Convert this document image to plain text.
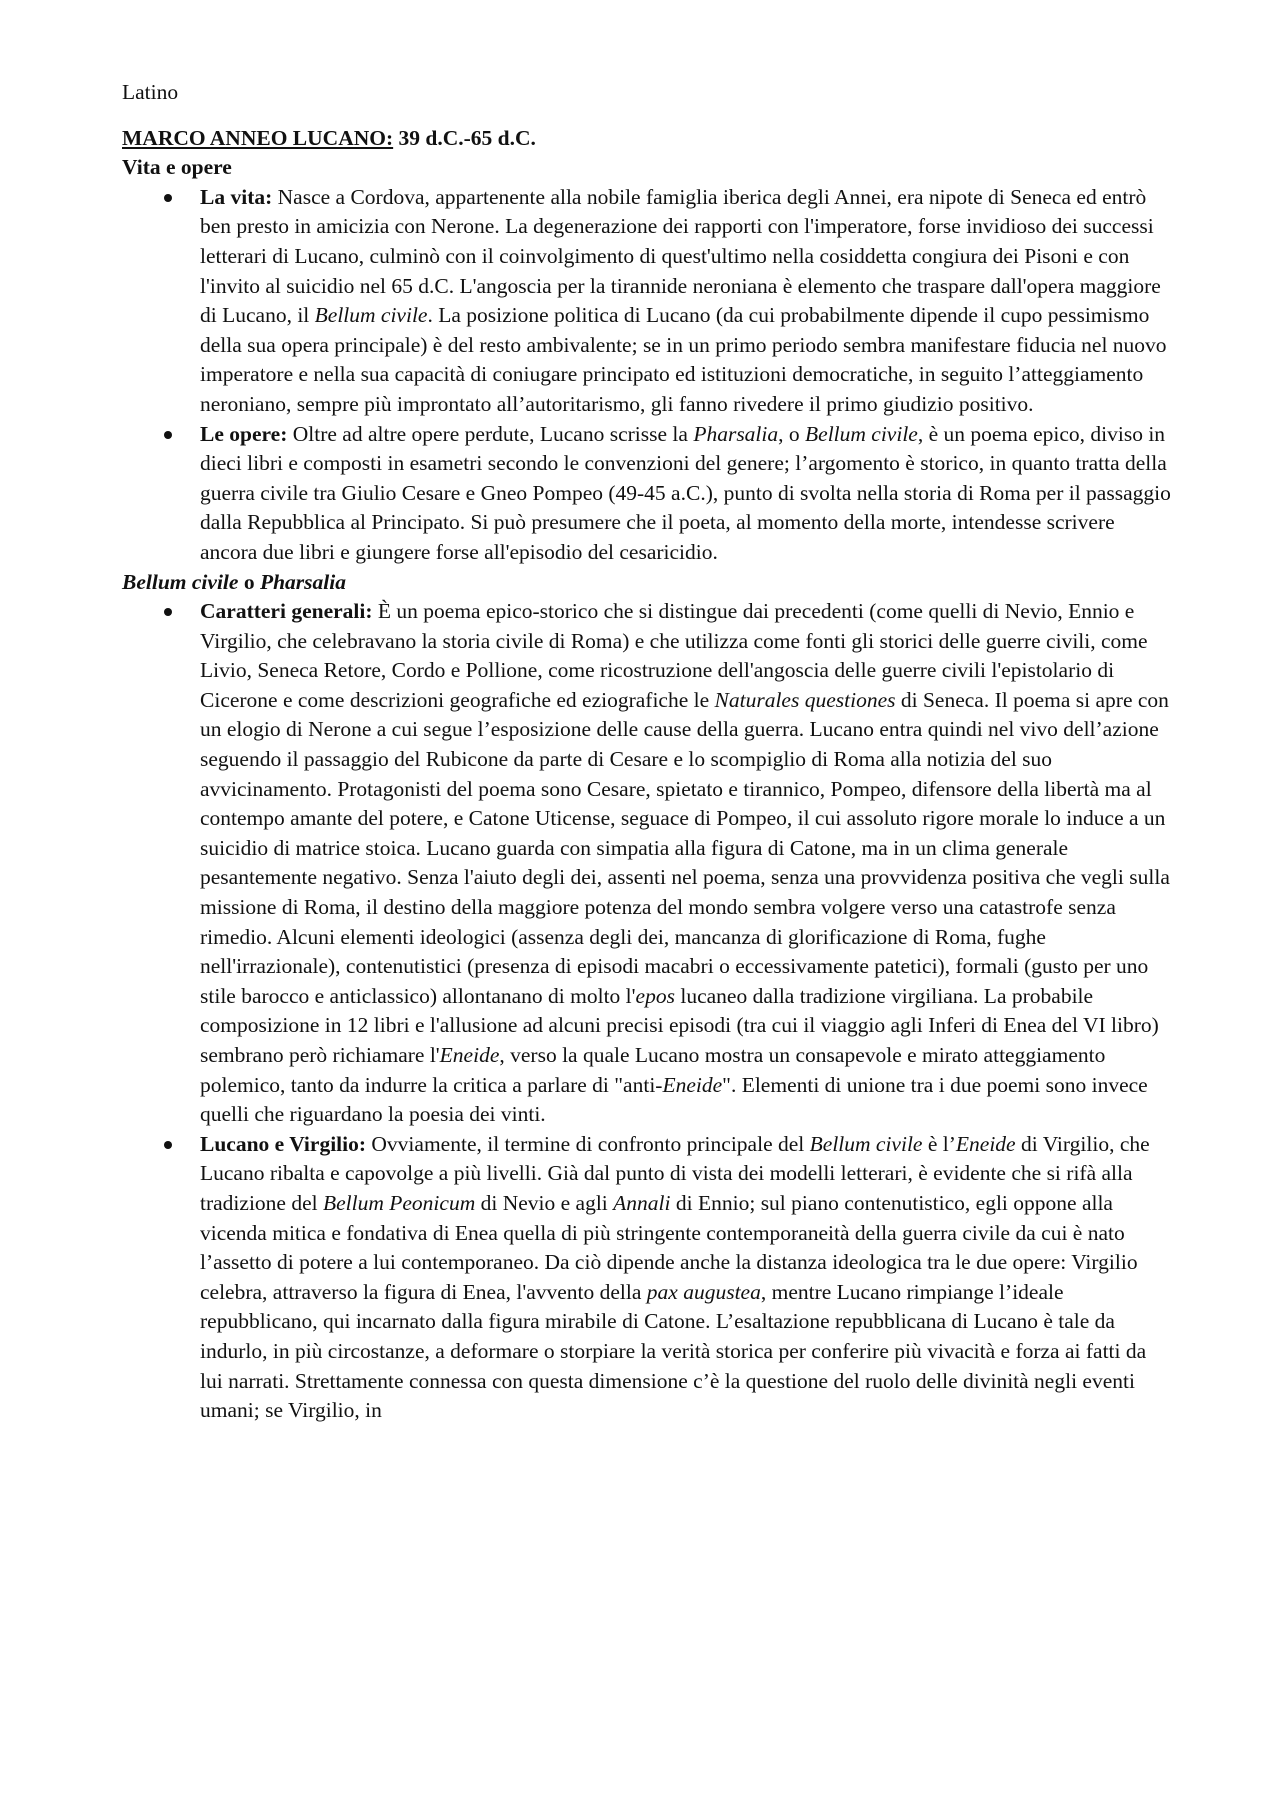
Latino

MARCO ANNEO LUCANO: 39 d.C.-65 d.C.

Vita e opere

La vita: Nasce a Cordova, appartenente alla nobile famiglia iberica degli Annei, era nipote di Seneca ed entrò ben presto in amicizia con Nerone. La degenerazione dei rapporti con l'imperatore, forse invidioso dei successi letterari di Lucano, culminò con il coinvolgimento di quest'ultimo nella cosiddetta congiura dei Pisoni e con l'invito al suicidio nel 65 d.C. L'angoscia per la tirannide neroniana è elemento che traspare dall'opera maggiore di Lucano, il Bellum civile. La posizione politica di Lucano (da cui probabilmente dipende il cupo pessimismo della sua opera principale) è del resto ambivalente; se in un primo periodo sembra manifestare fiducia nel nuovo imperatore e nella sua capacità di coniugare principato ed istituzioni democratiche, in seguito l’atteggiamento neroniano, sempre più improntato all’autoritarismo, gli fanno rivedere il primo giudizio positivo.
Le opere: Oltre ad altre opere perdute, Lucano scrisse la Pharsalia, o Bellum civile, è un poema epico, diviso in dieci libri e composti in esametri secondo le convenzioni del genere; l’argomento è storico, in quanto tratta della guerra civile tra Giulio Cesare e Gneo Pompeo (49-45 a.C.), punto di svolta nella storia di Roma per il passaggio dalla Repubblica al Principato. Si può presumere che il poeta, al momento della morte, intendesse scrivere ancora due libri e giungere forse all'episodio del cesaricidio.

Bellum civile o Pharsalia

Caratteri generali: È un poema epico-storico che si distingue dai precedenti (come quelli di Nevio, Ennio e Virgilio, che celebravano la storia civile di Roma) e che utilizza come fonti gli storici delle guerre civili, come Livio, Seneca Retore, Cordo e Pollione, come ricostruzione dell'angoscia delle guerre civili l'epistolario di Cicerone e come descrizioni geografiche ed eziografiche le Naturales questiones di Seneca. Il poema si apre con un elogio di Nerone a cui segue l’esposizione delle cause della guerra. Lucano entra quindi nel vivo dell’azione seguendo il passaggio del Rubicone da parte di Cesare e lo scompiglio di Roma alla notizia del suo avvicinamento. Protagonisti del poema sono Cesare, spietato e tirannico, Pompeo, difensore della libertà ma al contempo amante del potere, e Catone Uticense, seguace di Pompeo, il cui assoluto rigore morale lo induce a un suicidio di matrice stoica. Lucano guarda con simpatia alla figura di Catone, ma in un clima generale pesantemente negativo. Senza l'aiuto degli dei, assenti nel poema, senza una provvidenza positiva che vegli sulla missione di Roma, il destino della maggiore potenza del mondo sembra volgere verso una catastrofe senza rimedio. Alcuni elementi ideologici (assenza degli dei, mancanza di glorificazione di Roma, fughe nell'irrazionale), contenutistici (presenza di episodi macabri o eccessivamente patetici), formali (gusto per uno stile barocco e anticlassico) allontanano di molto l'epos lucaneo dalla tradizione virgiliana. La probabile composizione in 12 libri e l'allusione ad alcuni precisi episodi (tra cui il viaggio agli Inferi di Enea del VI libro) sembrano però richiamare l'Eneide, verso la quale Lucano mostra un consapevole e mirato atteggiamento polemico, tanto da indurre la critica a parlare di "anti-Eneide". Elementi di unione tra i due poemi sono invece quelli che riguardano la poesia dei vinti.
Lucano e Virgilio: Ovviamente, il termine di confronto principale del Bellum civile è l’Eneide di Virgilio, che Lucano ribalta e capovolge a più livelli. Già dal punto di vista dei modelli letterari, è evidente che si rifà alla tradizione del Bellum Peonicum di Nevio e agli Annali di Ennio; sul piano contenutistico, egli oppone alla vicenda mitica e fondativa di Enea quella di più stringente contemporaneità della guerra civile da cui è nato l’assetto di potere a lui contemporaneo. Da ciò dipende anche la distanza ideologica tra le due opere: Virgilio celebra, attraverso la figura di Enea, l'avvento della pax augustea, mentre Lucano rimpiange l’ideale repubblicano, qui incarnato dalla figura mirabile di Catone. L’esaltazione repubblicana di Lucano è tale da indurlo, in più circostanze, a deformare o storpiare la verità storica per conferire più vivacità e forza ai fatti da lui narrati. Strettamente connessa con questa dimensione c’è la questione del ruolo delle divinità negli eventi umani; se Virgilio, in
